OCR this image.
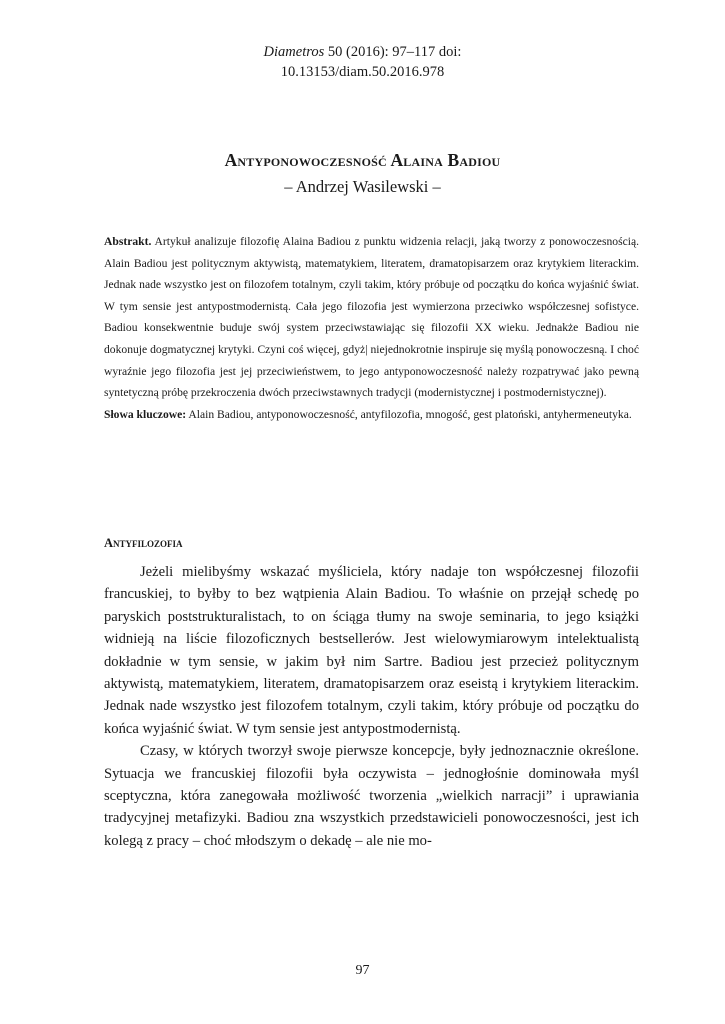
Diametros 50 (2016): 97–117 doi:
10.13153/diam.50.2016.978
Antyponowoczesność Alaina Badiou
– Andrzej Wasilewski –

Abstrakt. Artykuł analizuje filozofię Alaina Badiou z punktu widzenia relacji, jaką tworzy z ponowoczesnością. Alain Badiou jest politycznym aktywistą, matematykiem, literatem, dramatopisarzem oraz krytykiem literackim. Jednak nade wszystko jest on filozofem totalnym, czyli takim, który próbuje od początku do końca wyjaśnić świat. W tym sensie jest antypostmodernistą. Cała jego filozofia jest wymierzona przeciwko współczesnej sofistyce. Badiou konsekwentnie buduje swój system przeciwstawiając się filozofii XX wieku. Jednakże Badiou nie dokonuje dogmatycznej krytyki. Czyni coś więcej, gdyż| niejednokrotnie inspiruje się myślą ponowoczesną. I choć wyraźnie jego filozofia jest jej przeciwieństwem, to jego antyponowoczesność należy rozpatrywać jako pewną syntetyczną próbę przekroczenia dwóch przeciwstawnych tradycji (modernistycznej i postmodernistycznej).

Słowa kluczowe: Alain Badiou, antyponowoczesność, antyfilozofia, mnogość, gest platoński, antyhermeneutyka.

Antyfilozofia

Jeżeli mielibyśmy wskazać myśliciela, który nadaje ton współczesnej filozofii francuskiej, to byłby to bez wątpienia Alain Badiou. To właśnie on przejął schedę po paryskich poststrukturalistach, to on ściąga tłumy na swoje seminaria, to jego książki widnieją na liście filozoficznych bestsellerów. Jest wielowymiarowym intelektualistą dokładnie w tym sensie, w jakim był nim Sartre. Badiou jest przecież politycznym aktywistą, matematykiem, literatem, dramatopisarzem oraz eseistą i krytykiem literackim. Jednak nade wszystko jest filozofem totalnym, czyli takim, który próbuje od początku do końca wyjaśnić świat. W tym sensie jest antypostmodernistą.

Czasy, w których tworzył swoje pierwsze koncepcje, były jednoznacznie określone. Sytuacja we francuskiej filozofii była oczywista – jednogłośnie dominowała myśl sceptyczna, która zanegowała możliwość tworzenia „wielkich narracji” i uprawiania tradycyjnej metafizyki. Badiou zna wszystkich przedstawicieli ponowoczesności, jest ich kolegą z pracy – choć młodszym o dekadę – ale nie mo-

97
